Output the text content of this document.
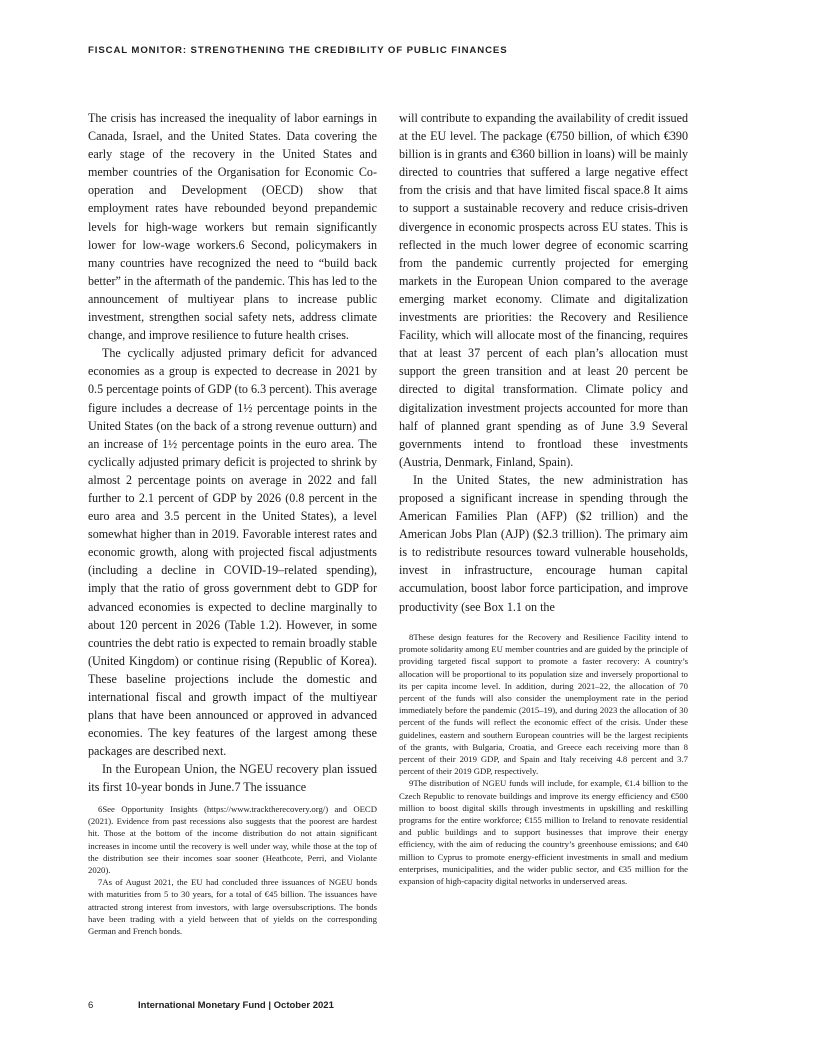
FISCAL MONITOR: STRENGTHENING THE CREDIBILITY OF PUBLIC FINANCES

The crisis has increased the inequality of labor earnings in Canada, Israel, and the United States. Data covering the early stage of the recovery in the United States and member countries of the Organisation for Economic Co-operation and Development (OECD) show that employment rates have rebounded beyond prepandemic levels for high-wage workers but remain significantly lower for low-wage workers.6 Second, policymakers in many countries have recognized the need to “build back better” in the aftermath of the pandemic. This has led to the announcement of multiyear plans to increase public investment, strengthen social safety nets, address climate change, and improve resilience to future health crises.

The cyclically adjusted primary deficit for advanced economies as a group is expected to decrease in 2021 by 0.5 percentage points of GDP (to 6.3 percent). This average figure includes a decrease of 1½ percentage points in the United States (on the back of a strong revenue outturn) and an increase of 1½ percentage points in the euro area. The cyclically adjusted primary deficit is projected to shrink by almost 2 percentage points on average in 2022 and fall further to 2.1 percent of GDP by 2026 (0.8 percent in the euro area and 3.5 percent in the United States), a level somewhat higher than in 2019. Favorable interest rates and economic growth, along with projected fiscal adjustments (including a decline in COVID-19–related spending), imply that the ratio of gross government debt to GDP for advanced economies is expected to decline marginally to about 120 percent in 2026 (Table 1.2). However, in some countries the debt ratio is expected to remain broadly stable (United Kingdom) or continue rising (Republic of Korea). These baseline projections include the domestic and international fiscal and growth impact of the multiyear plans that have been announced or approved in advanced economies. The key features of the largest among these packages are described next.

In the European Union, the NGEU recovery plan issued its first 10-year bonds in June.7 The issuance

will contribute to expanding the availability of credit issued at the EU level. The package (€750 billion, of which €390 billion is in grants and €360 billion in loans) will be mainly directed to countries that suffered a large negative effect from the crisis and that have limited fiscal space.8 It aims to support a sustainable recovery and reduce crisis-driven divergence in economic prospects across EU states. This is reflected in the much lower degree of economic scarring from the pandemic currently projected for emerging markets in the European Union compared to the average emerging market economy. Climate and digitalization investments are priorities: the Recovery and Resilience Facility, which will allocate most of the financing, requires that at least 37 percent of each plan’s allocation must support the green transition and at least 20 percent be directed to digital transformation. Climate policy and digitalization investment projects accounted for more than half of planned grant spending as of June 3.9 Several governments intend to frontload these investments (Austria, Denmark, Finland, Spain).

In the United States, the new administration has proposed a significant increase in spending through the American Families Plan (AFP) ($2 trillion) and the American Jobs Plan (AJP) ($2.3 trillion). The primary aim is to redistribute resources toward vulnerable households, invest in infrastructure, encourage human capital accumulation, boost labor force participation, and improve productivity (see Box 1.1 on the

6See Opportunity Insights (https://www.tracktherecovery.org/) and OECD (2021). Evidence from past recessions also suggests that the poorest are hardest hit. Those at the bottom of the income distribution do not attain significant increases in income until the recovery is well under way, while those at the top of the distribution see their incomes soar sooner (Heathcote, Perri, and Violante 2020).

7As of August 2021, the EU had concluded three issuances of NGEU bonds with maturities from 5 to 30 years, for a total of €45 billion. The issuances have attracted strong interest from investors, with large oversubscriptions. The bonds have been trading with a yield between that of yields on the corresponding German and French bonds.

8These design features for the Recovery and Resilience Facility intend to promote solidarity among EU member countries and are guided by the principle of providing targeted fiscal support to promote a faster recovery: A country’s allocation will be proportional to its population size and inversely proportional to its per capita income level. In addition, during 2021–22, the allocation of 70 percent of the funds will also consider the unemployment rate in the period immediately before the pandemic (2015–19), and during 2023 the allocation of 30 percent of the funds will reflect the economic effect of the crisis. Under these guidelines, eastern and southern European countries will be the largest recipients of the grants, with Bulgaria, Croatia, and Greece each receiving more than 8 percent of their 2019 GDP, and Spain and Italy receiving 4.8 percent and 3.7 percent of their 2019 GDP, respectively.

9The distribution of NGEU funds will include, for example, €1.4 billion to the Czech Republic to renovate buildings and improve its energy efficiency and €500 million to boost digital skills through investments in upskilling and reskilling programs for the entire workforce; €155 million to Ireland to renovate residential and public buildings and to support businesses that improve their energy efficiency, with the aim of reducing the country’s greenhouse emissions; and €40 million to Cyprus to promote energy-efficient investments in small and medium enterprises, municipalities, and the wider public sector, and €35 million for the expansion of high-capacity digital networks in underserved areas.

6	International Monetary Fund | October 2021
